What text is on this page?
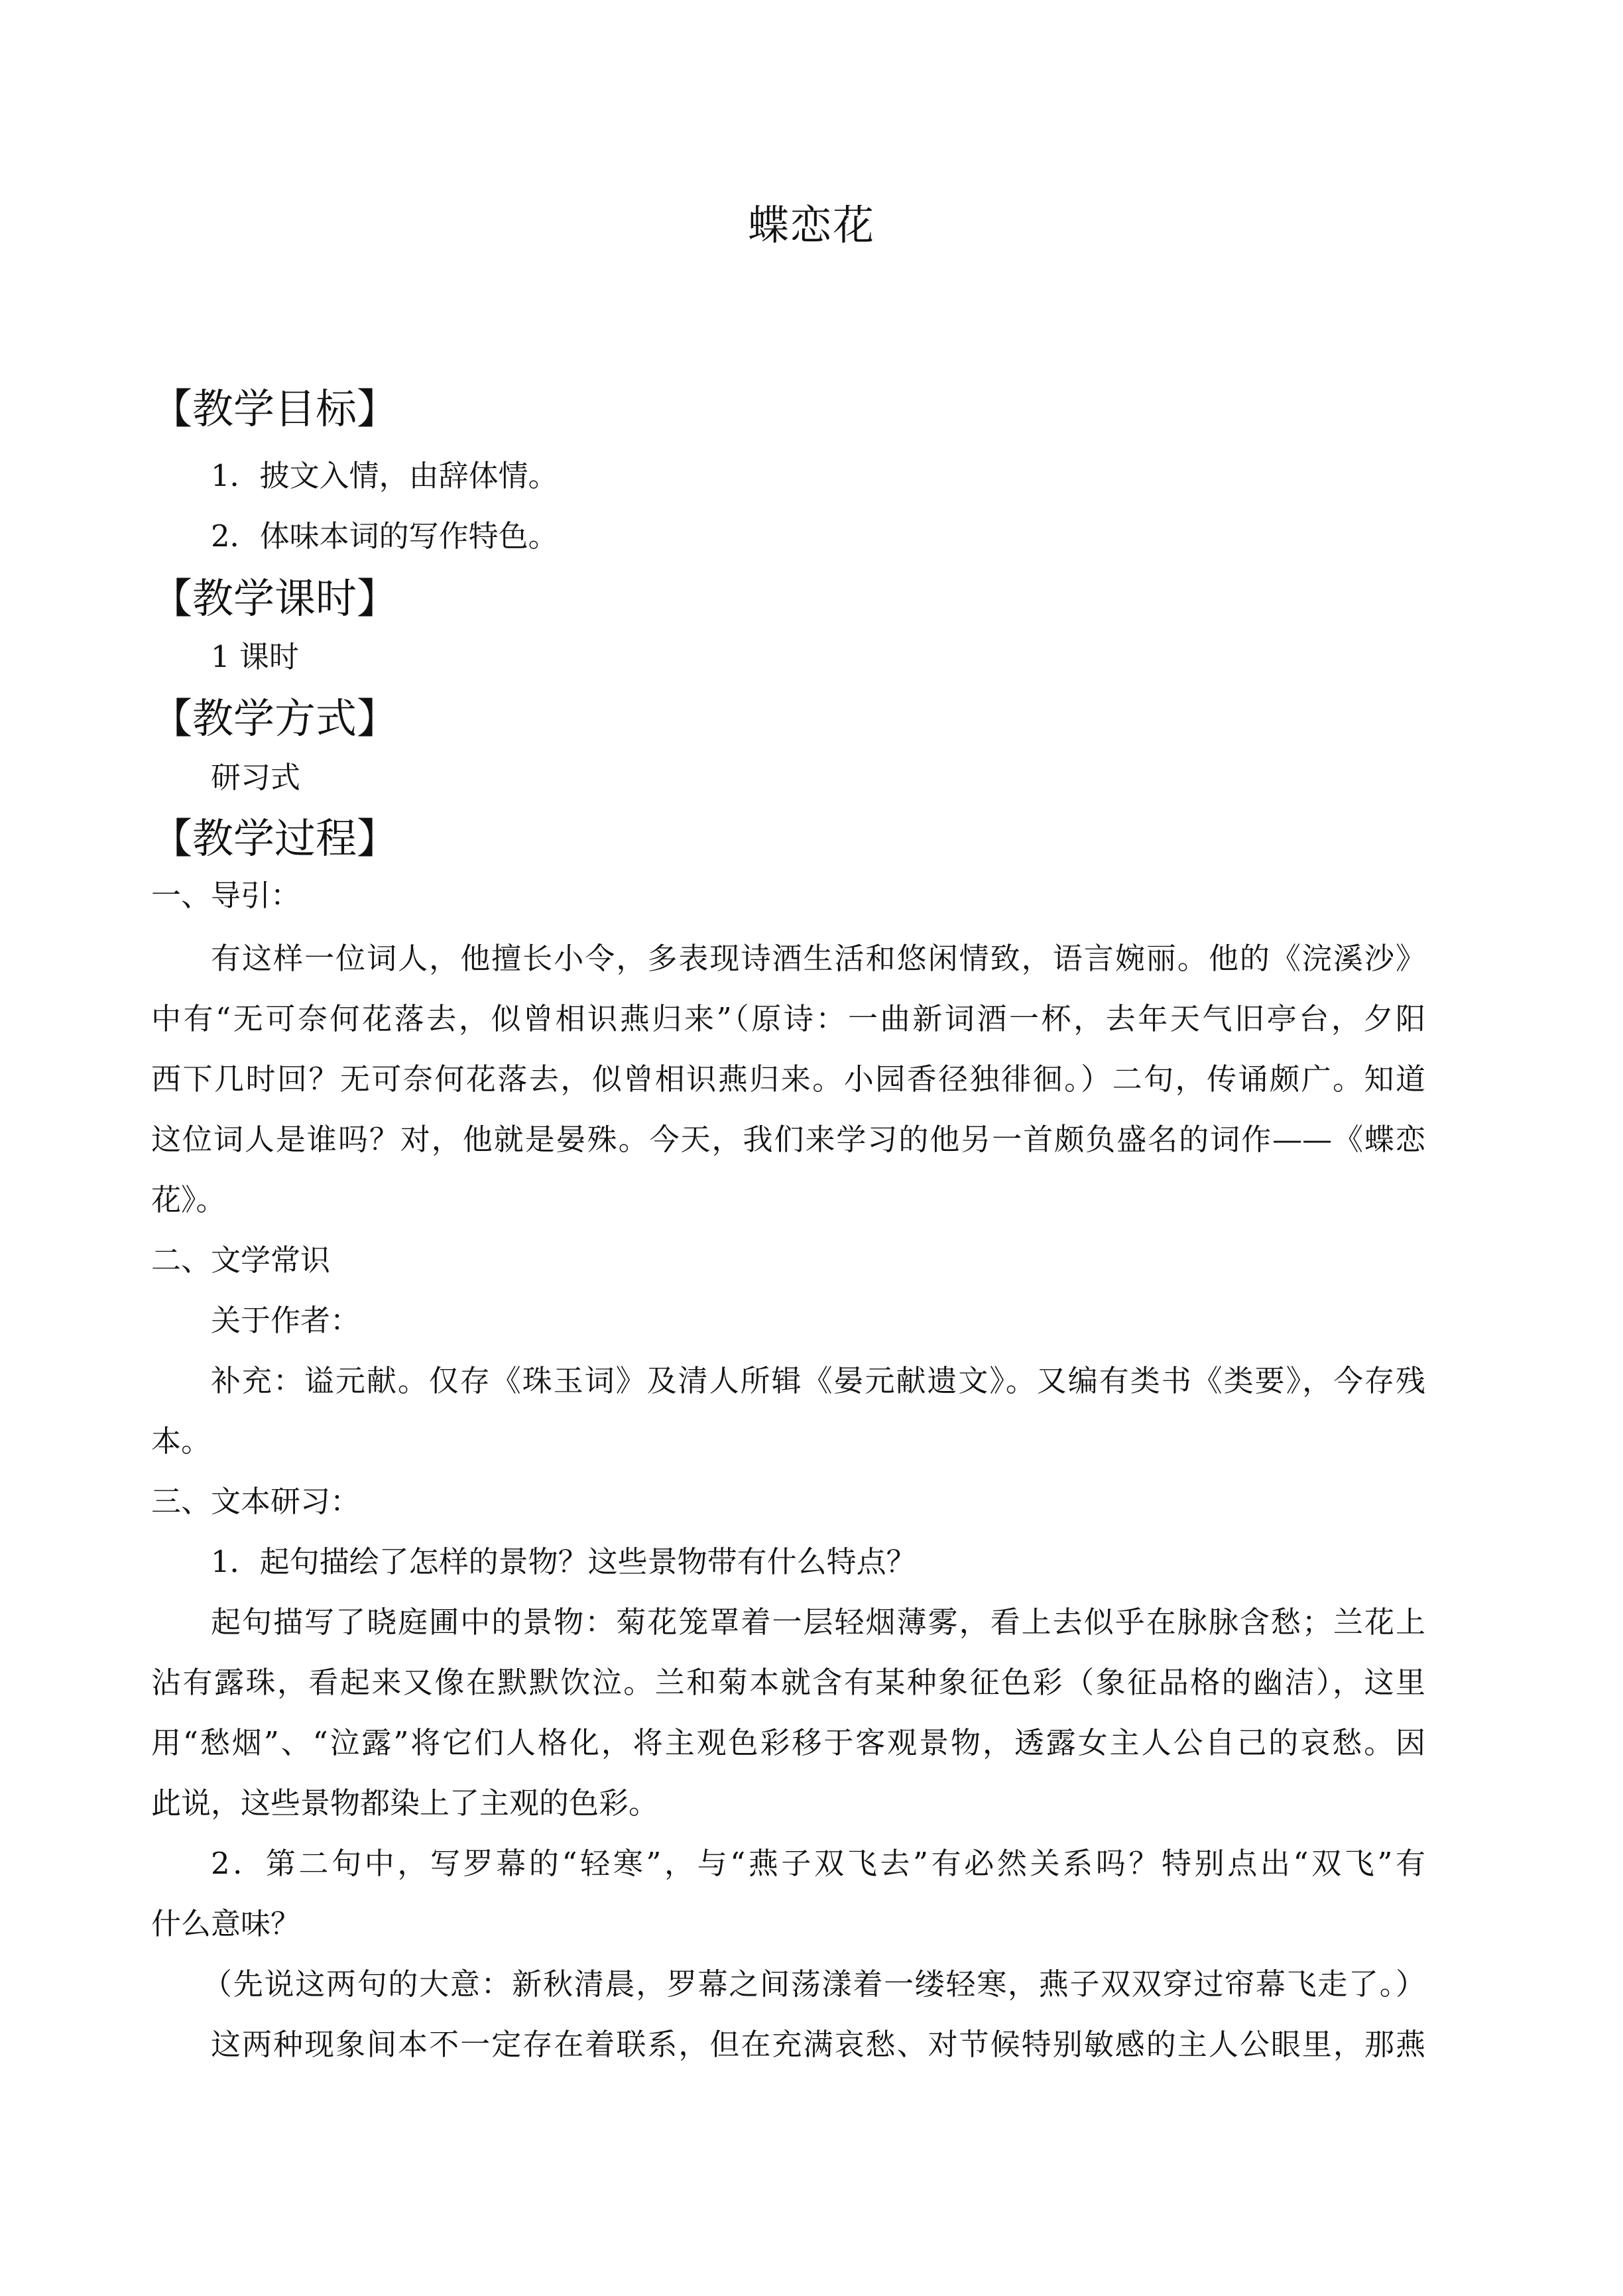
蝶恋花
【教学目标】
1．披文入情，由辞体情。
2．体味本词的写作特色。
【教学课时】
1 课时
【教学方式】
研习式
【教学过程】
一、导引：
有这样一位词人，他擅长小令，多表现诗酒生活和悠闲情致，语言婉丽。他的《浣溪沙》
中有“无可奈何花落去，似曾相识燕归来”（原诗：一曲新词酒一杯，去年天气旧亭台，夕阳
西下几时回？无可奈何花落去，似曾相识燕归来。小园香径独徘徊。）二句，传诵颇广。知道
这位词人是谁吗？对，他就是晏殊。今天，我们来学习的他另一首颇负盛名的词作——《蝶恋
花》。
二、文学常识
关于作者：
补充：谥元献。仅存《珠玉词》及清人所辑《晏元献遗文》。又编有类书《类要》，今存残
本。
三、文本研习：
1．起句描绘了怎样的景物？这些景物带有什么特点？
起句描写了晓庭圃中的景物：菊花笼罩着一层轻烟薄雾，看上去似乎在脉脉含愁；兰花上
沾有露珠，看起来又像在默默饮泣。兰和菊本就含有某种象征色彩（象征品格的幽洁），这里
用“愁烟”、“泣露”将它们人格化，将主观色彩移于客观景物，透露女主人公自己的哀愁。因
此说，这些景物都染上了主观的色彩。
2．第二句中，写罗幕的“轻寒”，与“燕子双飞去”有必然关系吗？特别点出“双飞”有
什么意味？
（先说这两句的大意：新秋清晨，罗幕之间荡漾着一缕轻寒，燕子双双穿过帘幕飞走了。）
这两种现象间本不一定存在着联系，但在充满哀愁、对节候特别敏感的主人公眼里，那燕
